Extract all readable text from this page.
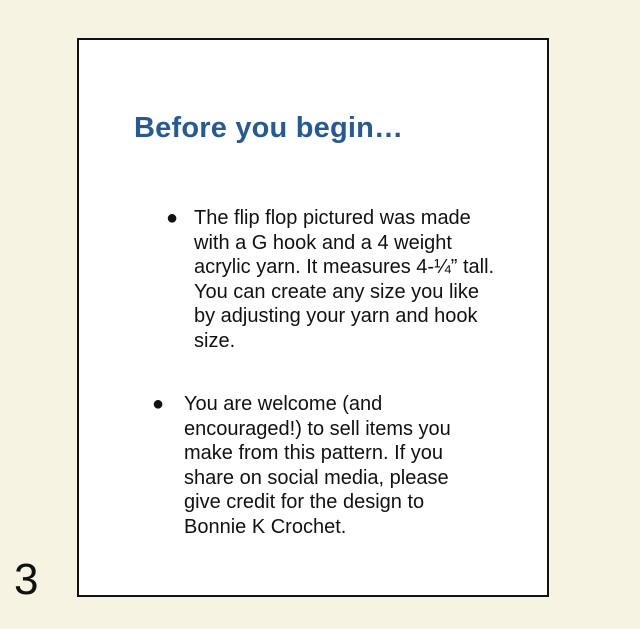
Before you begin…
● The flip flop pictured was made
with a G hook and a 4 weight
acrylic yarn. It measures 4-¼” tall.
You can create any size you like
by adjusting your yarn and hook
size.
● You are welcome (and
encouraged!) to sell items you
make from this pattern. If you
share on social media, please
give credit for the design to
Bonnie K Crochet.
3
